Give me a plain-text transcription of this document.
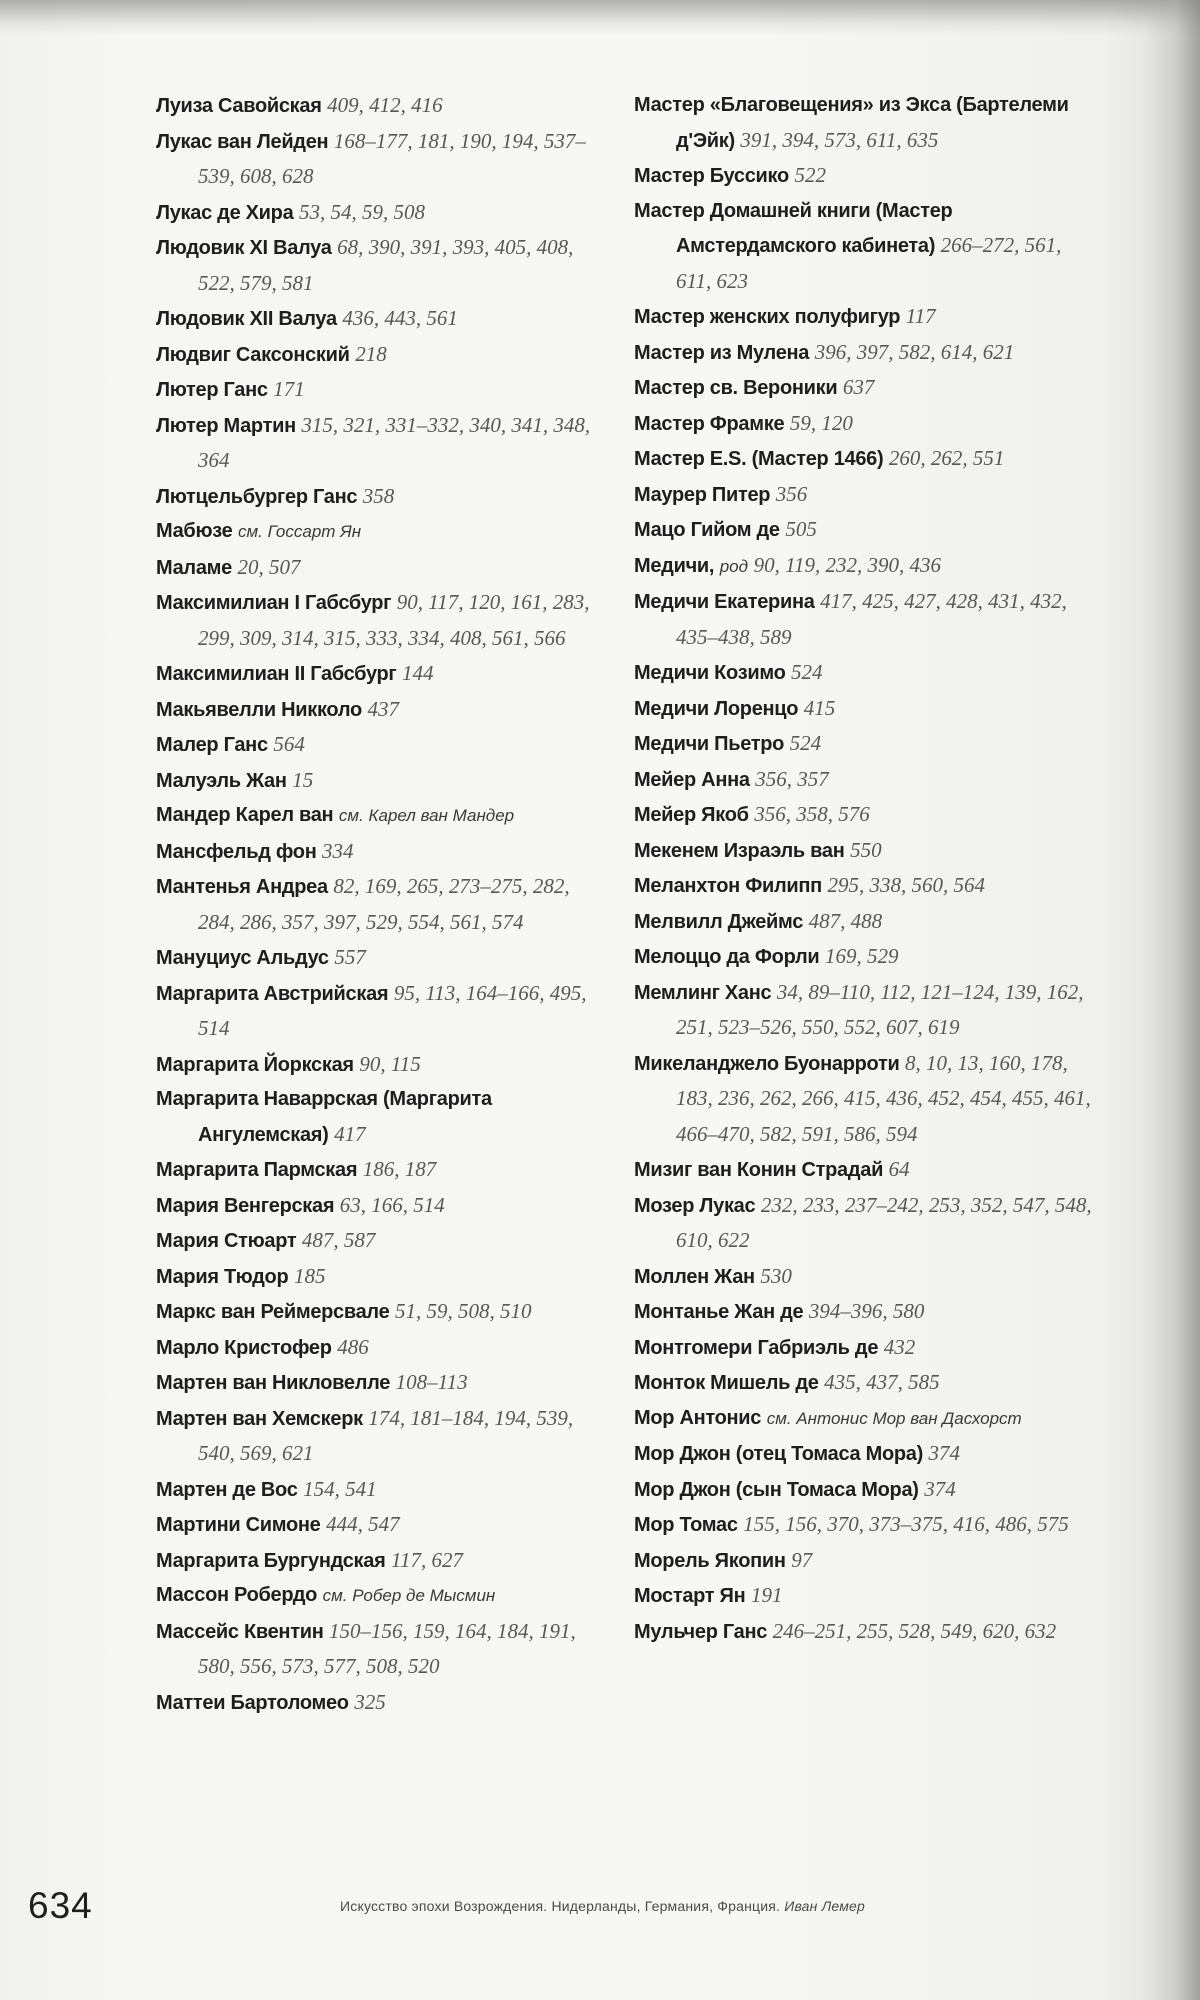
Луиза Савойская 409, 412, 416
Лукас ван Лейден 168–177, 181, 190, 194, 537–539, 608, 628
Лукас де Хира 53, 54, 59, 508
Людовик XI Валуа 68, 390, 391, 393, 405, 408, 522, 579, 581
Людовик XII Валуа 436, 443, 561
Людвиг Саксонский 218
Лютер Ганс 171
Лютер Мартин 315, 321, 331–332, 340, 341, 348, 364
Лютцельбургер Ганс 358
Мабюзе см. Госсарт Ян
Маламе 20, 507
Максимилиан I Габсбург 90, 117, 120, 161, 283, 299, 309, 314, 315, 333, 334, 408, 561, 566
Максимилиан II Габсбург 144
Макьявелли Никколо 437
Малер Ганс 564
Малуэль Жан 15
Мандер Карел ван см. Карел ван Мандер
Мансфельд фон 334
Мантенья Андреа 82, 169, 265, 273–275, 282, 284, 286, 357, 397, 529, 554, 561, 574
Мануциус Альдус 557
Маргарита Австрийская 95, 113, 164–166, 495, 514
Маргарита Йоркская 90, 115
Маргарита Наваррская (Маргарита Ангулемская) 417
Маргарита Пармская 186, 187
Мария Венгерская 63, 166, 514
Мария Стюарт 487, 587
Мария Тюдор 185
Маркс ван Реймерсвале 51, 59, 508, 510
Марло Кристофер 486
Мартен ван Никловелле 108–113
Мартен ван Хемскерк 174, 181–184, 194, 539, 540, 569, 621
Мартен де Вос 154, 541
Мартини Симоне 444, 547
Маргарита Бургундская 117, 627
Массон Робердо см. Робер де Мысмин
Массейс Квентин 150–156, 159, 164, 184, 191, 580, 556, 573, 577, 508, 520
Маттеи Бартоломео 325
Мастер «Благовещения» из Экса (Бартелеми д'Эйк) 391, 394, 573, 611, 635
Мастер Буссико 522
Мастер Домашней книги (Мастер Амстердамского кабинета) 266–272, 561, 611, 623
Мастер женских полуфигур 117
Мастер из Мулена 396, 397, 582, 614, 621
Мастер св. Вероники 637
Мастер Фрамке 59, 120
Мастер E.S. (Мастер 1466) 260, 262, 551
Маурер Питер 356
Мацо Гийом де 505
Медичи, род 90, 119, 232, 390, 436
Медичи Екатерина 417, 425, 427, 428, 431, 432, 435–438, 589
Медичи Козимо 524
Медичи Лоренцо 415
Медичи Пьетро 524
Мейер Анна 356, 357
Мейер Якоб 356, 358, 576
Мекенем Израэль ван 550
Меланхтон Филипп 295, 338, 560, 564
Мелвилл Джеймс 487, 488
Мелоццо да Форли 169, 529
Мемлинг Ханс 34, 89–110, 112, 121–124, 139, 162, 251, 523–526, 550, 552, 607, 619
Микеланджело Буонарроти 8, 10, 13, 160, 178, 183, 236, 262, 266, 415, 436, 452, 454, 455, 461, 466–470, 582, 591, 586, 594
Мизиг ван Конин Страдай 64
Мозер Лукас 232, 233, 237–242, 253, 352, 547, 548, 610, 622
Моллен Жан 530
Монтанье Жан де 394–396, 580
Монтгомери Габриэль де 432
Монток Мишель де 435, 437, 585
Мор Антонис см. Антонис Мор ван Дасхорст
Мор Джон (отец Томаса Мора) 374
Мор Джон (сын Томаса Мора) 374
Мор Томас 155, 156, 370, 373–375, 416, 486, 575
Морель Якопин 97
Мостарт Ян 191
Мульчер Ганс 246–251, 255, 528, 549, 620, 632
634	Искусство эпохи Возрождения. Нидерланды, Германия, Франция. Иван Лемер
